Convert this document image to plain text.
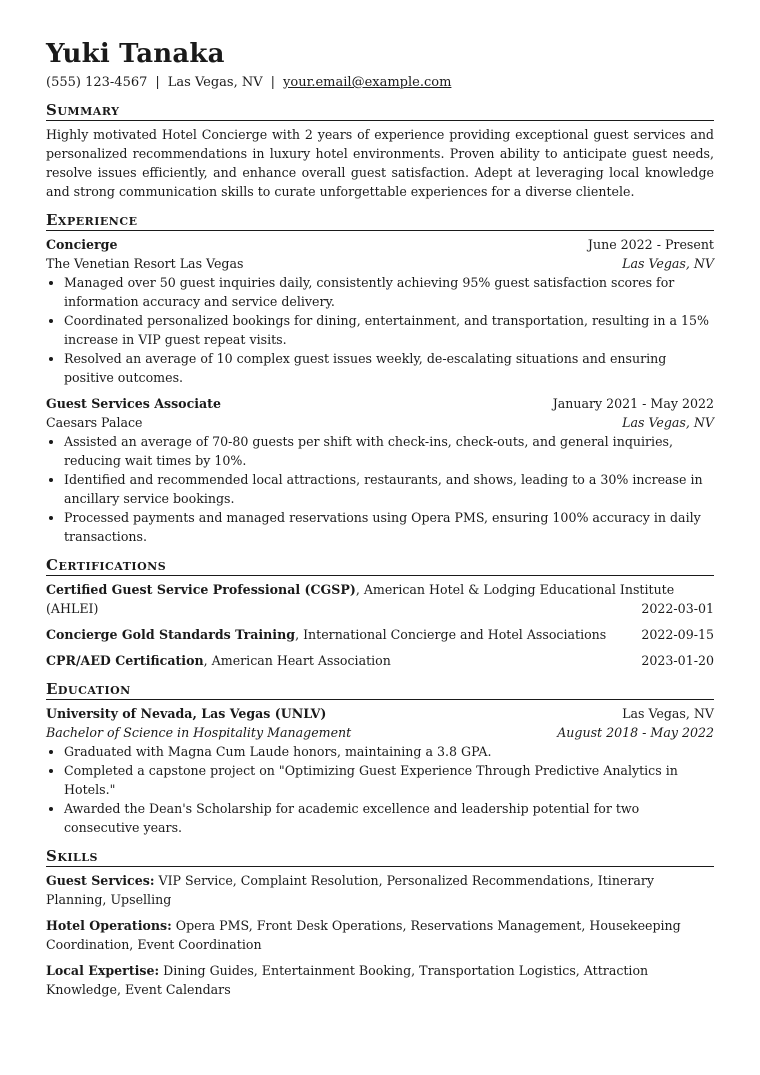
Yuki Tanaka
(555) 123-4567 | Las Vegas, NV | your.email@example.com
Summary

Highly motivated Hotel Concierge with 2 years of experience providing exceptional guest services and personalized recommendations in luxury hotel environments. Proven ability to anticipate guest needs, resolve issues efficiently, and enhance overall guest satisfaction. Adept at leveraging local knowledge and strong communication skills to curate unforgettable experiences for a diverse clientele.

Experience
Concierge	June 2022 - Present
The Venetian Resort Las Vegas	Las Vegas, NV
• Managed over 50 guest inquiries daily, consistently achieving 95% guest satisfaction scores for information accuracy and service delivery.
• Coordinated personalized bookings for dining, entertainment, and transportation, resulting in a 15% increase in VIP guest repeat visits.
• Resolved an average of 10 complex guest issues weekly, de-escalating situations and ensuring positive outcomes.
Guest Services Associate	January 2021 - May 2022
Caesars Palace	Las Vegas, NV
• Assisted an average of 70-80 guests per shift with check-ins, check-outs, and general inquiries, reducing wait times by 10%.
• Identified and recommended local attractions, restaurants, and shows, leading to a 30% increase in ancillary service bookings.
• Processed payments and managed reservations using Opera PMS, ensuring 100% accuracy in daily transactions.
Certifications
Certified Guest Service Professional (CGSP), American Hotel & Lodging Educational Institute (AHLEI)	2022-03-01
Concierge Gold Standards Training, International Concierge and Hotel Associations	2022-09-15
CPR/AED Certification, American Heart Association	2023-01-20
Education
University of Nevada, Las Vegas (UNLV)	Las Vegas, NV
Bachelor of Science in Hospitality Management	August 2018 - May 2022
• Graduated with Magna Cum Laude honors, maintaining a 3.8 GPA.
• Completed a capstone project on "Optimizing Guest Experience Through Predictive Analytics in Hotels."
• Awarded the Dean's Scholarship for academic excellence and leadership potential for two consecutive years.
Skills
Guest Services: VIP Service, Complaint Resolution, Personalized Recommendations, Itinerary Planning, Upselling
Hotel Operations: Opera PMS, Front Desk Operations, Reservations Management, Housekeeping Coordination, Event Coordination
Local Expertise: Dining Guides, Entertainment Booking, Transportation Logistics, Attraction Knowledge, Event Calendars
